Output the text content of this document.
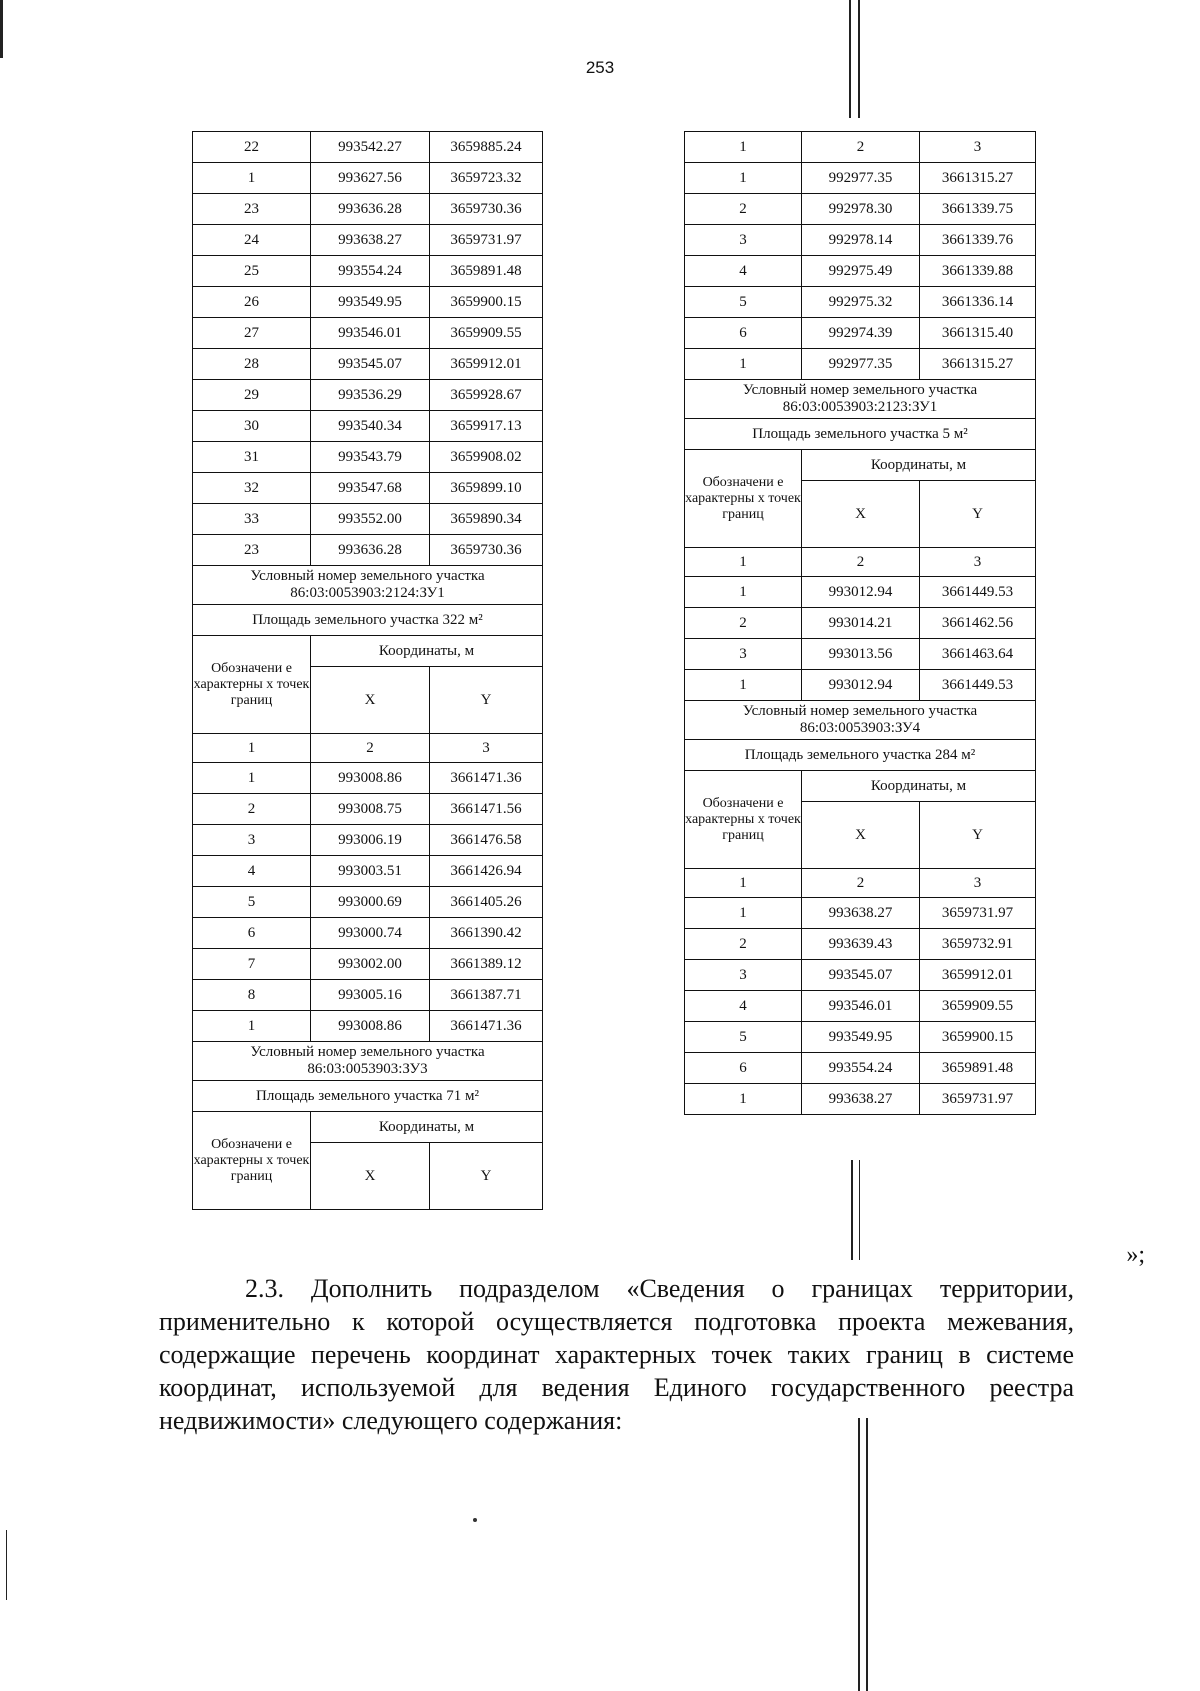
253
22	993542.27	3659885.24
1	993627.56	3659723.32
23	993636.28	3659730.36
24	993638.27	3659731.97
25	993554.24	3659891.48
26	993549.95	3659900.15
27	993546.01	3659909.55
28	993545.07	3659912.01
29	993536.29	3659928.67
30	993540.34	3659917.13
31	993543.79	3659908.02
32	993547.68	3659899.10
33	993552.00	3659890.34
23	993636.28	3659730.36
Условный номер земельного участка 86:03:0053903:2124:ЗУ1		
Площадь земельного участка 322 м²		
Обозначени е характерны х точек границ	Координаты, м	
	X	Y
1	2	3
1	993008.86	3661471.36
2	993008.75	3661471.56
3	993006.19	3661476.58
4	993003.51	3661426.94
5	993000.69	3661405.26
6	993000.74	3661390.42
7	993002.00	3661389.12
8	993005.16	3661387.71
1	993008.86	3661471.36
Условный номер земельного участка 86:03:0053903:ЗУ3		
Площадь земельного участка 71 м²		
Обозначени е характерны х точек границ	Координаты, м	
	X	Y
1	2	3
1	992977.35	3661315.27
2	992978.30	3661339.75
3	992978.14	3661339.76
4	992975.49	3661339.88
5	992975.32	3661336.14
6	992974.39	3661315.40
1	992977.35	3661315.27
Условный номер земельного участка 86:03:0053903:2123:ЗУ1		
Площадь земельного участка 5 м²		
Обозначени е характерны х точек границ	Координаты, м	
	X	Y
1	2	3
1	993012.94	3661449.53
2	993014.21	3661462.56
3	993013.56	3661463.64
1	993012.94	3661449.53
Условный номер земельного участка 86:03:0053903:ЗУ4		
Площадь земельного участка 284 м²		
Обозначени е характерны х точек границ	Координаты, м	
	X	Y
1	2	3
1	993638.27	3659731.97
2	993639.43	3659732.91
3	993545.07	3659912.01
4	993546.01	3659909.55
5	993549.95	3659900.15
6	993554.24	3659891.48
1	993638.27	3659731.97
»;

2.3. Дополнить подразделом «Сведения о границах территории, применительно к которой осуществляется подготовка проекта межевания, содержащие перечень координат характерных точек таких границ в системе координат, используемой для ведения Единого государственного реестра недвижимости» следующего содержания:
